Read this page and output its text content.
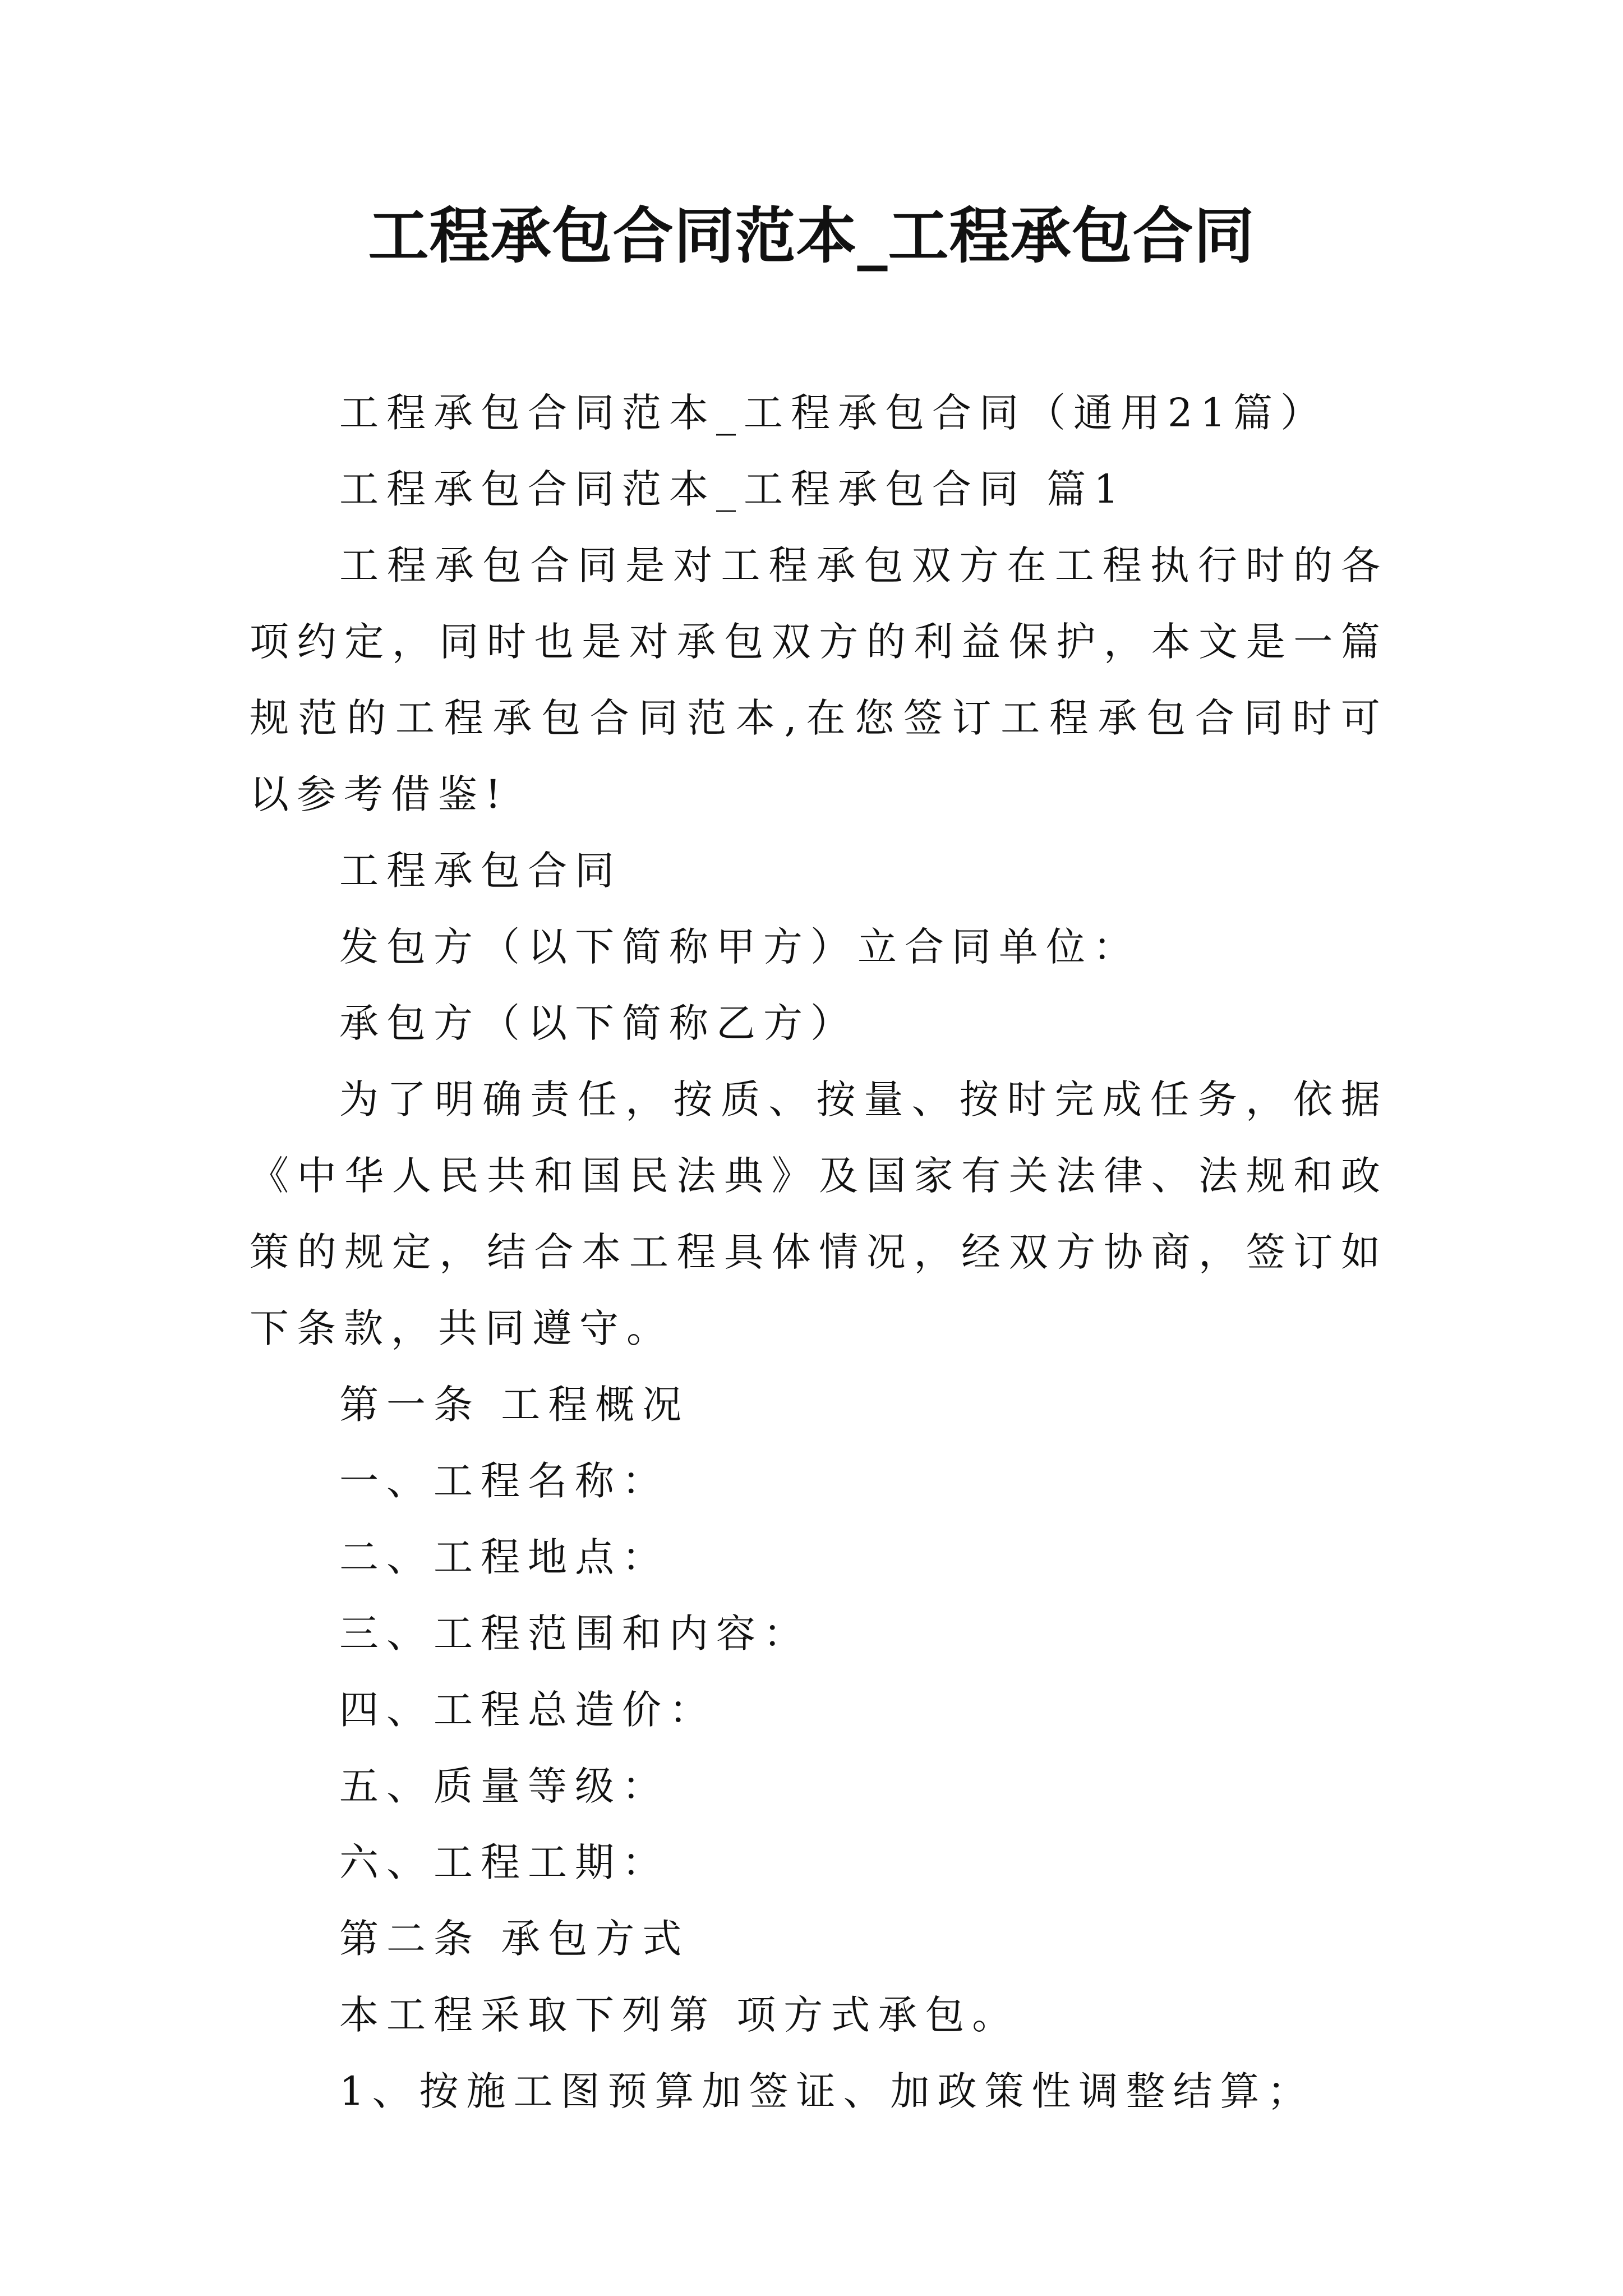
工程承包合同范本_工程承包合同

工程承包合同范本_工程承包合同（通用21篇）

工程承包合同范本_工程承包合同 篇1

工程承包合同是对工程承包双方在工程执行时的各项约定，同时也是对承包双方的利益保护，本文是一篇规范的工程承包合同范本,在您签订工程承包合同时可以参考借鉴!

工程承包合同

发包方（以下简称甲方）立合同单位：

承包方（以下简称乙方）

为了明确责任，按质、按量、按时完成任务，依据《中华人民共和国民法典》及国家有关法律、法规和政策的规定，结合本工程具体情况，经双方协商，签订如下条款，共同遵守。

第一条 工程概况

一、工程名称：

二、工程地点：

三、工程范围和内容：

四、工程总造价：

五、质量等级：

六、工程工期：

第二条 承包方式

本工程采取下列第 项方式承包。

1、按施工图预算加签证、加政策性调整结算；
